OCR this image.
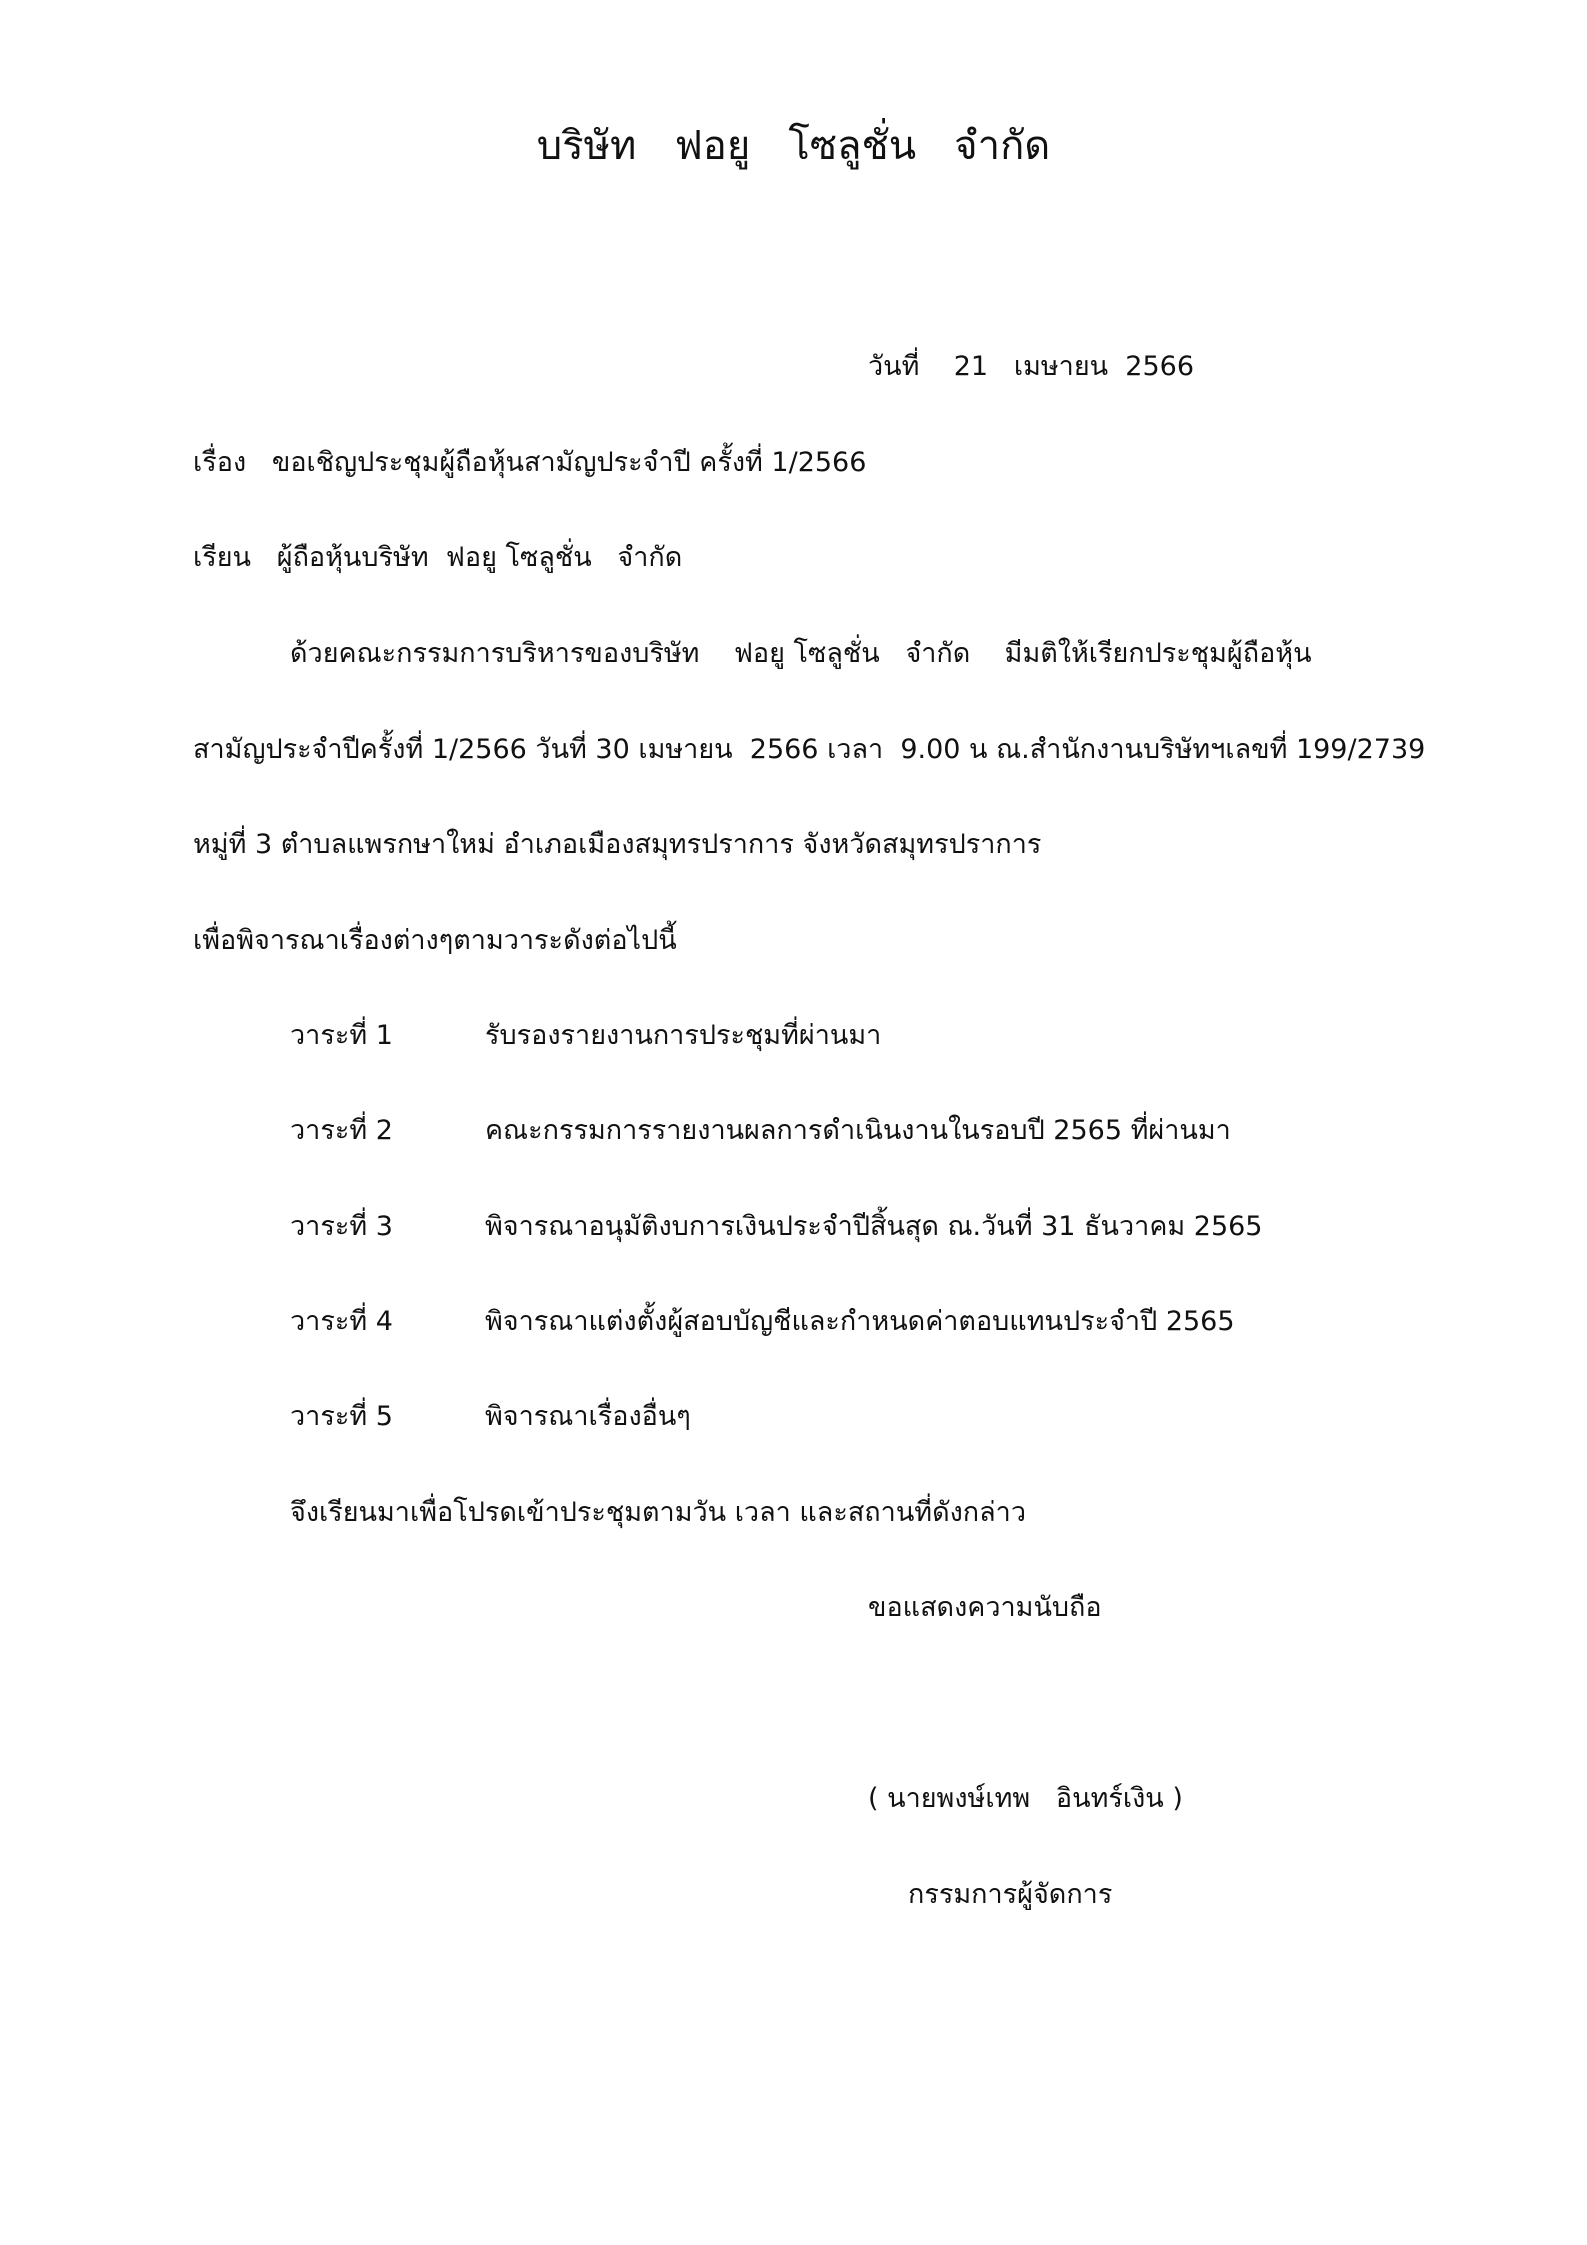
บริษัท   ฟอยู   โซลูชั่น   จำกัด
วันที่    21   เมษายน  2566
เรื่อง   ขอเชิญประชุมผู้ถือหุ้นสามัญประจำปี ครั้งที่ 1/2566
เรียน   ผู้ถือหุ้นบริษัท  ฟอยู โซลูชั่น   จำกัด
ด้วยคณะกรรมการบริหารของบริษัท    ฟอยู โซลูชั่น   จำกัด    มีมติให้เรียกประชุมผู้ถือหุ้น
สามัญประจำปีครั้งที่ 1/2566 วันที่ 30 เมษายน  2566 เวลา  9.00 น ณ.สำนักงานบริษัทฯเลขที่ 199/2739
หมู่ที่ 3 ตำบลแพรกษาใหม่ อำเภอเมืองสมุทรปราการ จังหวัดสมุทรปราการ
เพื่อพิจารณาเรื่องต่างๆตามวาระดังต่อไปนี้
วาระที่ 1	รับรองรายงานการประชุมที่ผ่านมา
วาระที่ 2	คณะกรรมการรายงานผลการดำเนินงานในรอบปี 2565 ที่ผ่านมา
วาระที่ 3	พิจารณาอนุมัติงบการเงินประจำปีสิ้นสุด ณ.วันที่ 31 ธันวาคม 2565
วาระที่ 4	พิจารณาแต่งตั้งผู้สอบบัญชีและกำหนดค่าตอบแทนประจำปี 2565
วาระที่ 5	พิจารณาเรื่องอื่นๆ
จึงเรียนมาเพื่อโปรดเข้าประชุมตามวัน เวลา และสถานที่ดังกล่าว
ขอแสดงความนับถือ
( นายพงษ์เทพ   อินทร์เงิน )
กรรมการผู้จัดการ
